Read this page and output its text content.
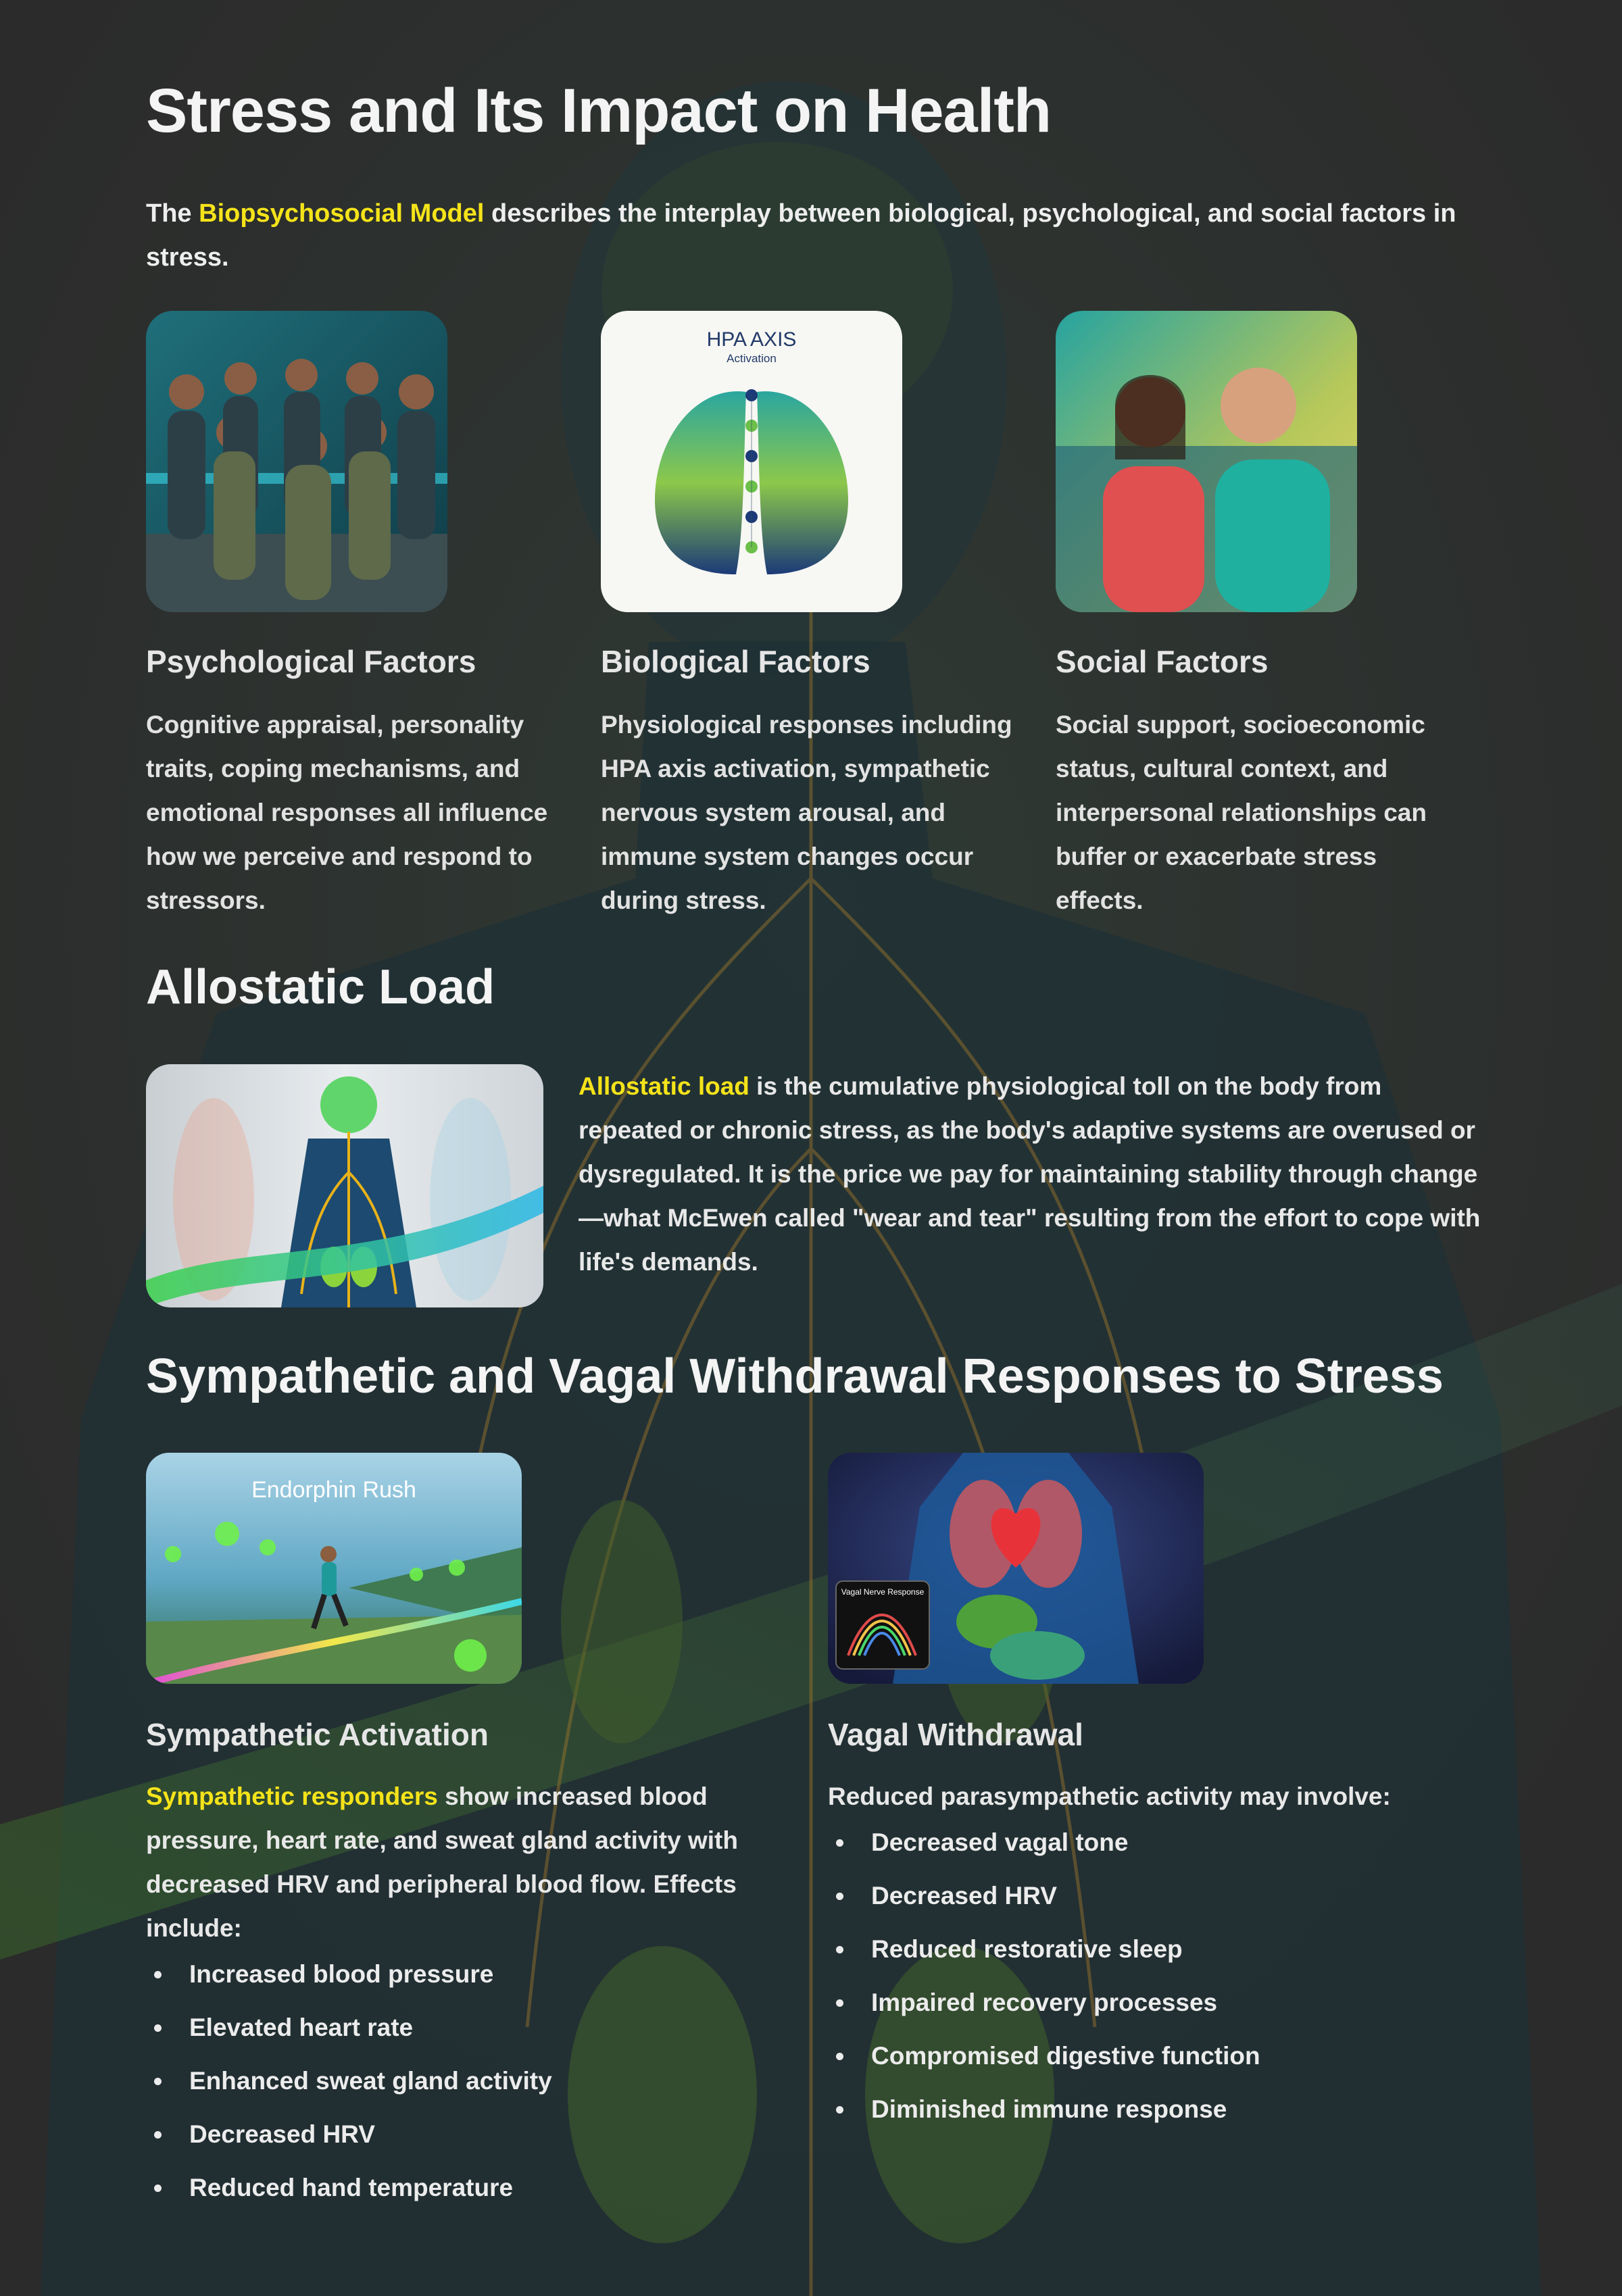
Stress and Its Impact on Health

The Biopsychosocial Model describes the interplay between biological, psychological, and social factors in stress.

Psychological Factors

Cognitive appraisal, personality traits, coping mechanisms, and emotional responses all influence how we perceive and respond to stressors.

HPA AXIS
Activation
Biological Factors

Physiological responses including HPA axis activation, sympathetic nervous system arousal, and immune system changes occur during stress.

Social Factors

Social support, socioeconomic status, cultural context, and interpersonal relationships can buffer or exacerbate stress effects.

Allostatic Load

Allostatic load is the cumulative physiological toll on the body from repeated or chronic stress, as the body's adaptive systems are overused or dysregulated. It is the price we pay for maintaining stability through change—what McEwen called "wear and tear" resulting from the effort to cope with life's demands.

Sympathetic and Vagal Withdrawal Responses to Stress
Endorphin Rush
Sympathetic Activation

Sympathetic responders show increased blood pressure, heart rate, and sweat gland activity with decreased HRV and peripheral blood flow. Effects include:

Increased blood pressure
Elevated heart rate
Enhanced sweat gland activity
Decreased HRV
Reduced hand temperature
Vagal Nerve Response
Vagal Withdrawal

Reduced parasympathetic activity may involve:

Decreased vagal tone
Decreased HRV
Reduced restorative sleep
Impaired recovery processes
Compromised digestive function
Diminished immune response
